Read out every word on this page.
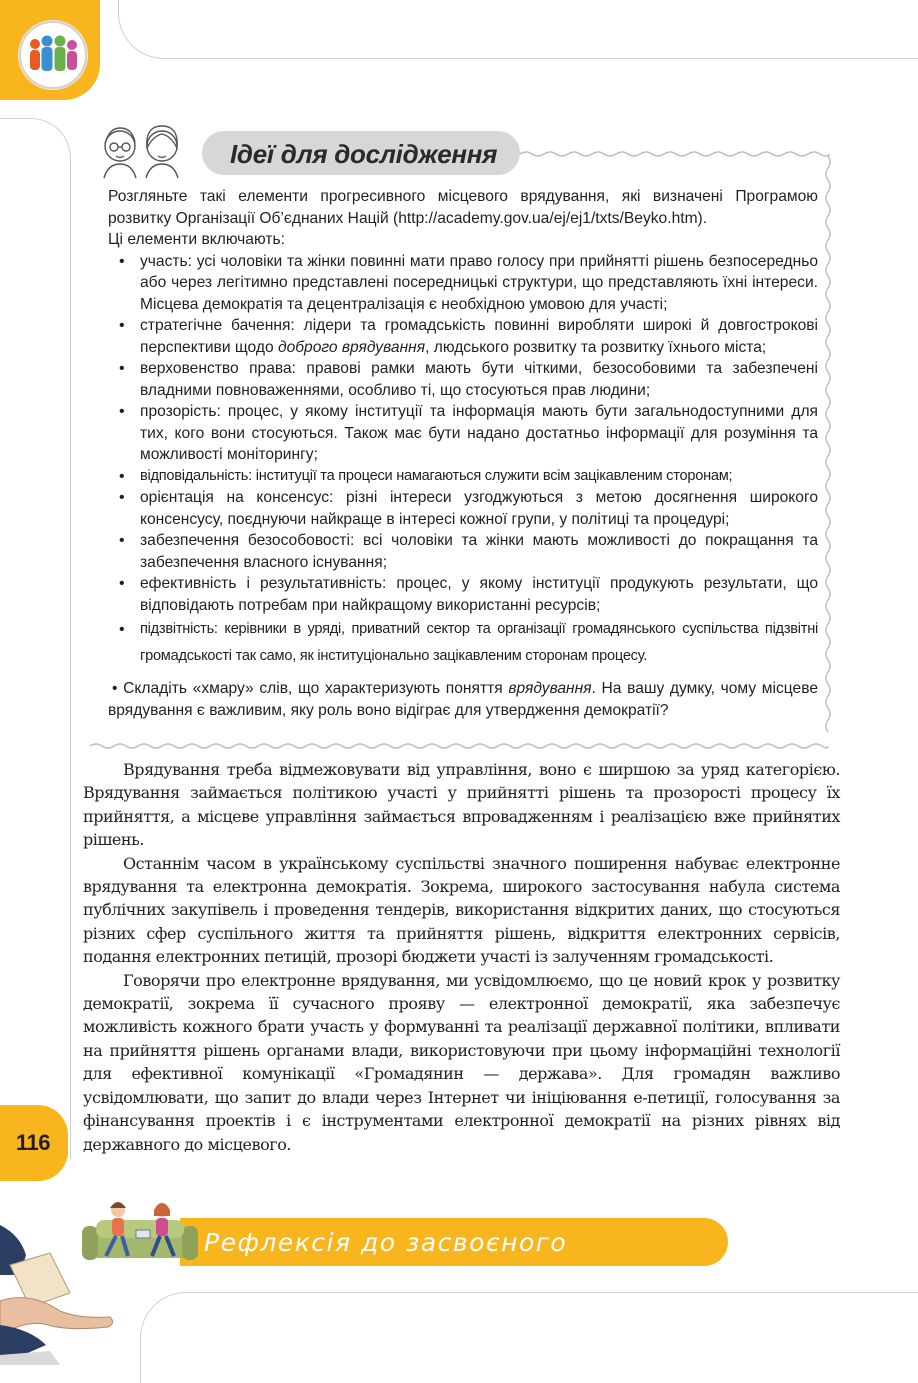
Ідеї для дослідження

Розгляньте такі елементи прогресивного місцевого врядування, які визначені Програмою розвитку Організації Об’єднаних Націй (http://academy.gov.ua/ej/ej1/txts/Beyko.htm).

Ці елементи включають:

• участь: усі чоловіки та жінки повинні мати право голосу при прийнятті рішень безпосередньо або через легітимно представлені посередницькі структури, що представляють їхні інтереси. Місцева демократія та децентралізація є необхідною умовою для участі;
• стратегічне бачення: лідери та громадськість повинні виробляти широкі й довгострокові перспективи щодо доброго врядування, людського розвитку та розвитку їхнього міста;
• верховенство права: правові рамки мають бути чіткими, безособовими та забезпечені владними повноваженнями, особливо ті, що стосуються прав людини;
• прозорість: процес, у якому інституції та інформація мають бути загальнодоступними для тих, кого вони стосуються. Також має бути надано достатньо інформації для розуміння та можливості моніторингу;
• відповідальність: інституції та процеси намагаються служити всім зацікавленим сторонам;
• орієнтація на консенсус: різні інтереси узгоджуються з метою досягнення широкого консенсусу, поєднуючи найкраще в інтересі кожної групи, у політиці та процедурі;
• забезпечення безособовості: всі чоловіки та жінки мають можливості до покращання та забезпечення власного існування;
• ефективність і результативність: процес, у якому інституції продукують результати, що відповідають потребам при найкращому використанні ресурсів;
• підзвітність: керівники в уряді, приватний сектор та організації громадянського суспільства підзвітні громадськості так само, як інституціонально зацікавленим сторонам процесу.

• Складіть «хмару» слів, що характеризують поняття врядування. На вашу думку, чому місцеве врядування є важливим, яку роль воно відіграє для утвердження демократії?

Врядування треба відмежовувати від управління, воно є ширшою за уряд категорією. Врядування займається політикою участі у прийнятті рішень та прозорості процесу їх прийняття, а місцеве управління займається впровадженням і реалізацією вже прийнятих рішень.

Останнім часом в українському суспільстві значного поширення набуває електронне врядування та електронна демократія. Зокрема, широкого застосування набула система публічних закупівель і проведення тендерів, використання відкритих даних, що стосуються різних сфер суспільного життя та прийняття рішень, відкриття електронних сервісів, подання електронних петицій, прозорі бюджети участі із залученням громадськості.

Говорячи про електронне врядування, ми усвідомлюємо, що це новий крок у розвитку демократії, зокрема її сучасного прояву — електронної демократії, яка забезпечує можливість кожного брати участь у формуванні та реалізації державної політики, впливати на прийняття рішень органами влади, використовуючи при цьому інформаційні технології для ефективної комунікації «Громадянин — держава». Для громадян важливо усвідомлювати, що запит до влади через Інтернет чи ініціювання е-петиції, голосування за фінансування проектів і є інструментами електронної демократії на різних рівнях від державного до місцевого.

116
Рефлексія до засвоєного
